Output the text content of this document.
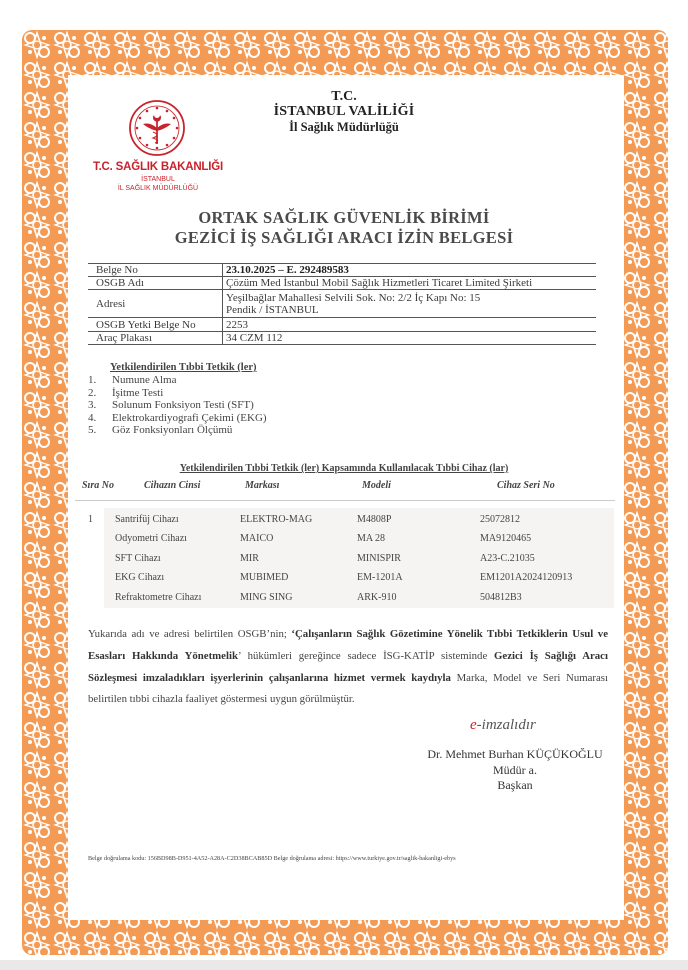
T.C.
İSTANBUL VALİLİĞİ
İl Sağlık Müdürlüğü
T.C. SAĞLIK BAKANLIĞI
İSTANBUL
İL SAĞLIK MÜDÜRLÜĞÜ
ORTAK SAĞLIK GÜVENLİK BİRİMİ
GEZİCİ İŞ SAĞLIĞI ARACI İZİN BELGESİ
Belge No	23.10.2025 – E. 292489583
OSGB Adı	Çözüm Med İstanbul Mobil Sağlık Hizmetleri Ticaret Limited Şirketi
Adresi	Yeşilbağlar Mahallesi Selvili Sok. No: 2/2 İç Kapı No: 15
Pendik / İSTANBUL

OSGB Yetki Belge No	2253
Araç Plakası	34 CZM 112
Yetkilendirilen Tıbbi Tetkik (ler)
1. Numune Alma
2. İşitme Testi
3. Solunum Fonksiyon Testi (SFT)
4. Elektrokardiyografi Çekimi (EKG)
5. Göz Fonksiyonları Ölçümü
Yetkilendirilen Tıbbi Tetkik (ler) Kapsamında Kullanılacak Tıbbi Cihaz (lar)
Sıra No	Cihazın Cinsi	Markası	Modeli	Cihaz Seri No
1 Santrifüj Cihazı	ELEKTRO-MAG	M4808P	25072812
Odyometri Cihazı	MAICO	MA 28	MA9120465
SFT Cihazı	MIR	MINISPIR	A23-C.21035
EKG Cihazı	MUBIMED	EM-1201A	EM1201A2024120913
Refraktometre Cihazı	MING SING	ARK-910	504812B3
Yukarıda adı ve adresi belirtilen OSGB’nin; ‘Çalışanların Sağlık Gözetimine Yönelik Tıbbi Tetkiklerin Usul ve Esasları Hakkında Yönetmelik’ hükümleri gereğince sadece İSG-KATİP sisteminde Gezici İş Sağlığı Aracı Sözleşmesi imzaladıkları işyerlerinin çalışanlarına hizmet vermek kaydıyla Marka, Model ve Seri Numarası belirtilen tıbbi cihazla faaliyet göstermesi uygun görülmüştür.
e-imzalıdır
Dr. Mehmet Burhan KÜÇÜKOĞLU
Müdür a.
Başkan
Belge doğrulama kodu: 156BD98B-D951-4A52-A28A-C2D38BCAB85D Belge doğrulama adresi: https://www.turkiye.gov.tr/saglik-bakanligi-ebys
